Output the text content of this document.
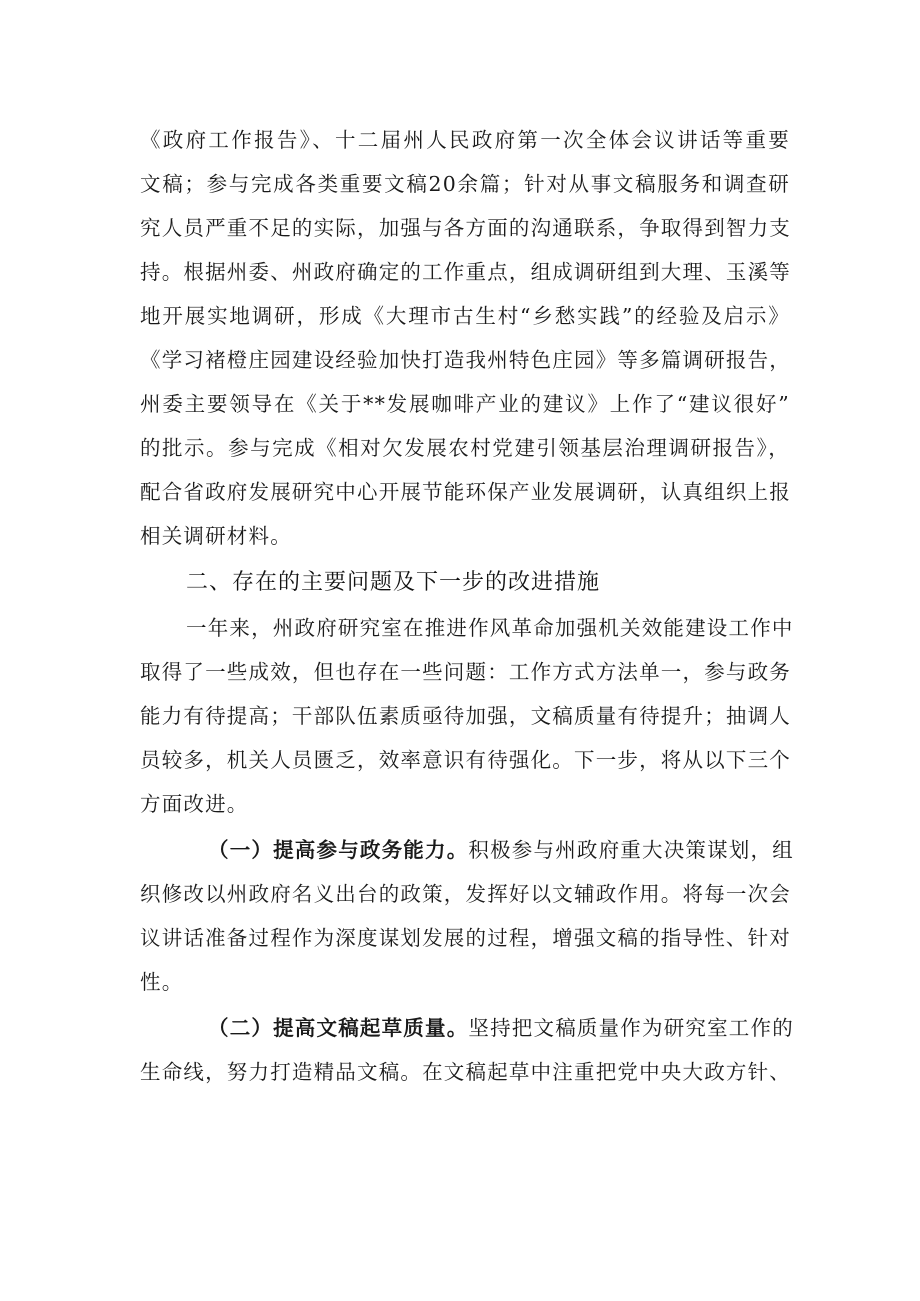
《政府工作报告》、十二届州人民政府第一次全体会议讲话等重要
文稿；参与完成各类重要文稿20余篇；针对从事文稿服务和调查研
究人员严重不足的实际，加强与各方面的沟通联系，争取得到智力支
持。根据州委、州政府确定的工作重点，组成调研组到大理、玉溪等
地开展实地调研，形成《大理市古生村“乡愁实践”的经验及启示》
《学习褚橙庄园建设经验加快打造我州特色庄园》等多篇调研报告，
州委主要领导在《关于**发展咖啡产业的建议》上作了“建议很好”
的批示。参与完成《相对欠发展农村党建引领基层治理调研报告》，
配合省政府发展研究中心开展节能环保产业发展调研，认真组织上报
相关调研材料。
二、存在的主要问题及下一步的改进措施
一年来，州政府研究室在推进作风革命加强机关效能建设工作中
取得了一些成效，但也存在一些问题：工作方式方法单一，参与政务
能力有待提高；干部队伍素质亟待加强，文稿质量有待提升；抽调人
员较多，机关人员匮乏，效率意识有待强化。下一步，将从以下三个
方面改进。
（一）提高参与政务能力。积极参与州政府重大决策谋划，组
织修改以州政府名义出台的政策，发挥好以文辅政作用。将每一次会
议讲话准备过程作为深度谋划发展的过程，增强文稿的指导性、针对
性。
（二）提高文稿起草质量。坚持把文稿质量作为研究室工作的
生命线，努力打造精品文稿。在文稿起草中注重把党中央大政方针、
